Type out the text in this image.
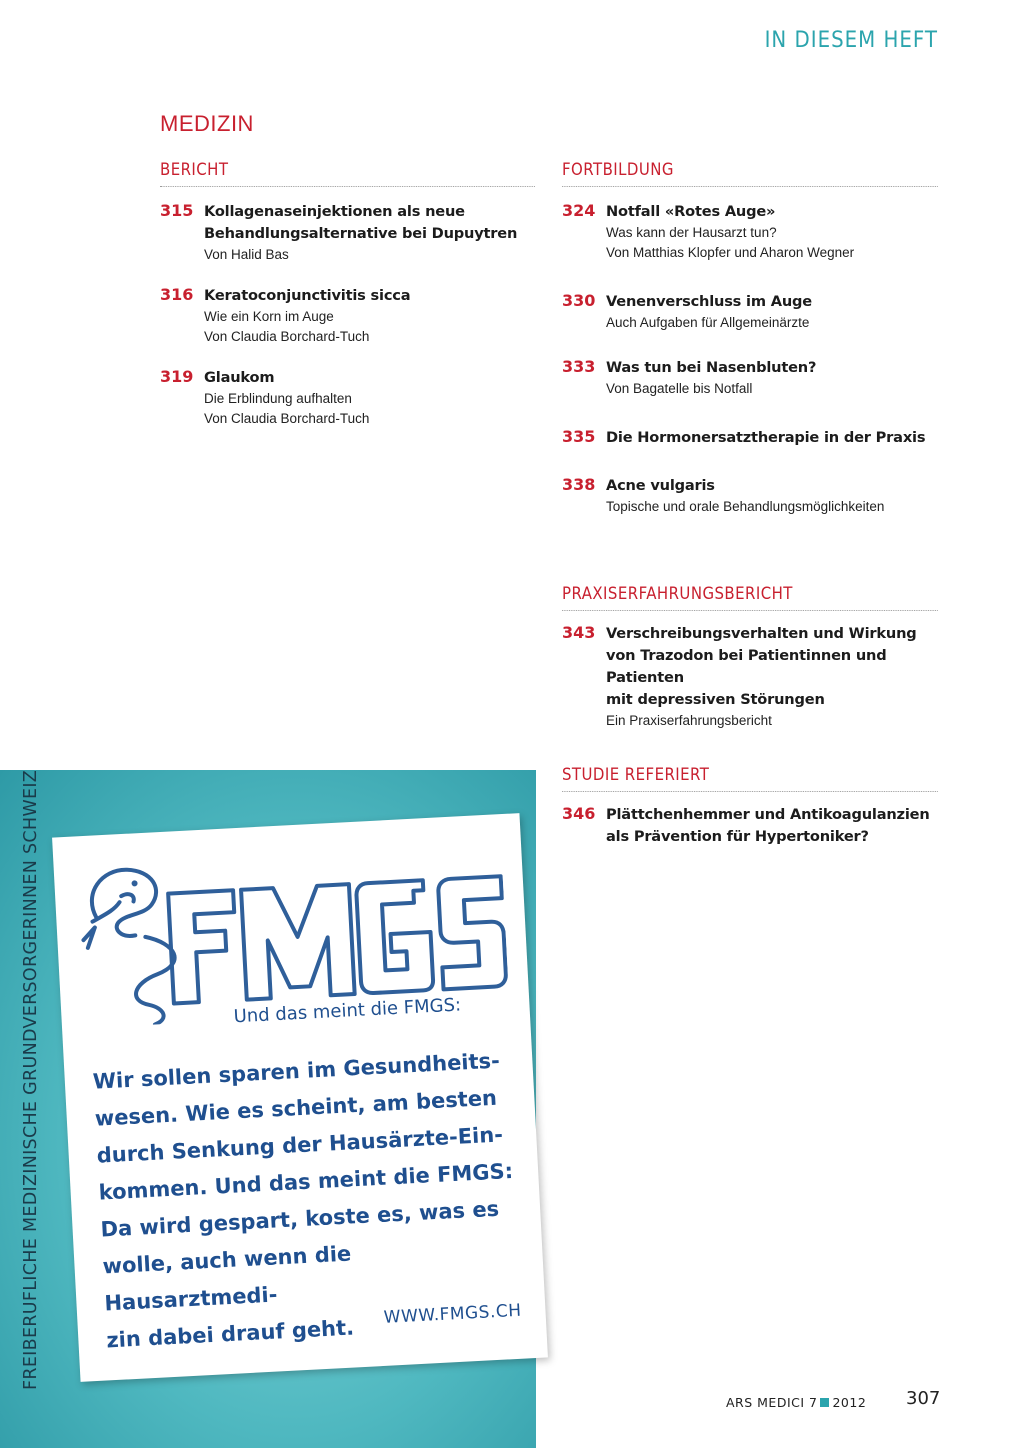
IN DIESEM HEFT
MEDIZIN
BERICHT
315 Kollagenaseinjektionen als neue
Behandlungsalternative bei Dupuytren
Von Halid Bas
316 Keratoconjunctivitis sicca
Wie ein Korn im Auge
Von Claudia Borchard-Tuch
319 Glaukom
Die Erblindung aufhalten
Von Claudia Borchard-Tuch
FORTBILDUNG
324 Notfall «Rotes Auge»
Was kann der Hausarzt tun?
Von Matthias Klopfer und Aharon Wegner
330 Venenverschluss im Auge
Auch Aufgaben für Allgemeinärzte
333 Was tun bei Nasenbluten?
Von Bagatelle bis Notfall
335 Die Hormonersatztherapie in der Praxis
338 Acne vulgaris
Topische und orale Behandlungsmöglichkeiten
PRAXISERFAHRUNGSBERICHT
343 Verschreibungsverhalten und Wirkung
von Trazodon bei Patientinnen und Patienten
mit depressiven Störungen
Ein Praxiserfahrungsbericht
STUDIE REFERIERT
346 Plättchenhemmer und Antikoagulanzien
als Prävention für Hypertoniker?
FREIBERUFLICHE MEDIZINISCHE GRUNDVERSORGERINNEN SCHWEIZ	Und das meint die FMGS:
Wir sollen sparen im Gesundheits-
wesen. Wie es scheint, am besten
durch Senkung der Hausärzte-Ein-
kommen. Und das meint die FMGS:
Da wird gespart, koste es, was es
wolle, auch wenn die Hausarztmedi-
zin dabei drauf geht.
WWW.FMGS.CH
ARS MEDICI 7 2012 307
